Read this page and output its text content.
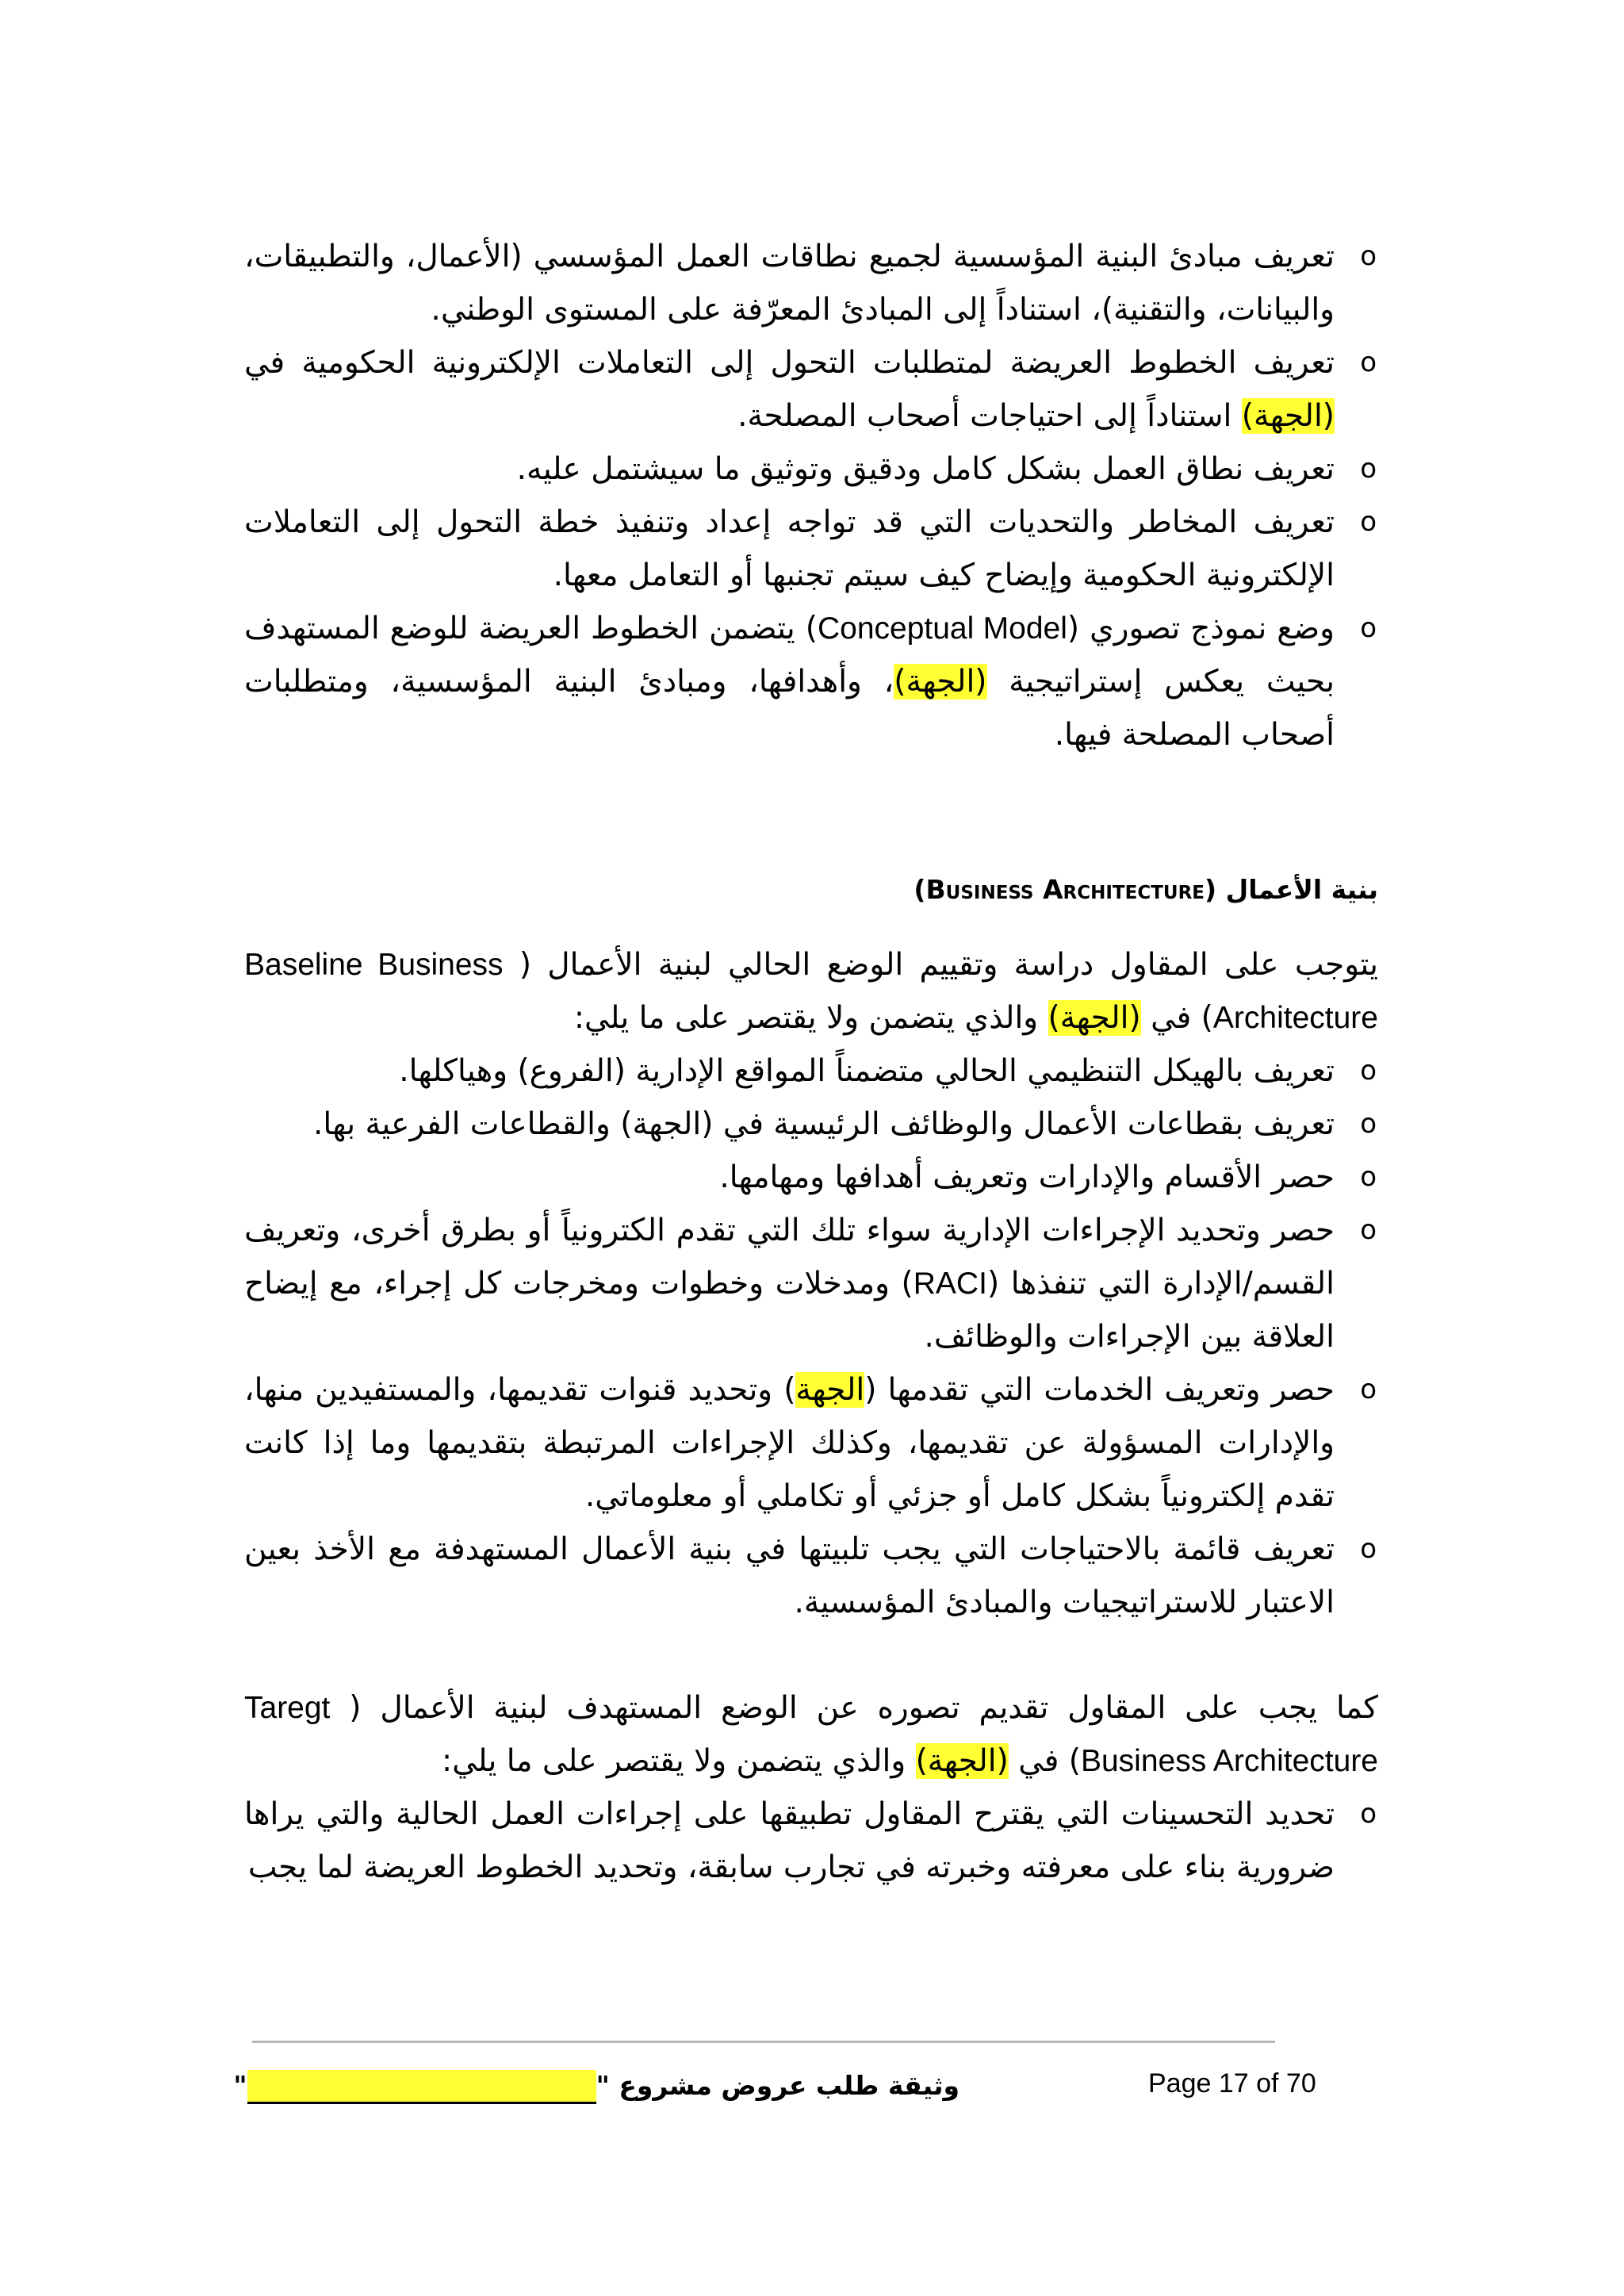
o تعريف مبادئ البنية المؤسسية لجميع نطاقات العمل المؤسسي (الأعمال، والتطبيقات، والبيانات، والتقنية)، استناداً إلى المبادئ المعرّفة على المستوى الوطني.
o تعريف الخطوط العريضة لمتطلبات التحول إلى التعاملات الإلكترونية الحكومية في (الجهة) استناداً إلى احتياجات أصحاب المصلحة.
o تعريف نطاق العمل بشكل كامل ودقيق وتوثيق ما سيشتمل عليه.
o تعريف المخاطر والتحديات التي قد تواجه إعداد وتنفيذ خطة التحول إلى التعاملات الإلكترونية الحكومية وإيضاح كيف سيتم تجنبها أو التعامل معها.
o وضع نموذج تصوري (Conceptual Model) يتضمن الخطوط العريضة للوضع المستهدف بحيث يعكس إستراتيجية (الجهة)، وأهدافها، ومبادئ البنية المؤسسية، ومتطلبات أصحاب المصلحة فيها.

بنية الأعمال (Business Architecture)

يتوجب على المقاول دراسة وتقييم الوضع الحالي لبنية الأعمال ( Baseline Business Architecture) في (الجهة) والذي يتضمن ولا يقتصر على ما يلي:

o تعريف بالهيكل التنظيمي الحالي متضمناً المواقع الإدارية (الفروع) وهياكلها.
o تعريف بقطاعات الأعمال والوظائف الرئيسية في (الجهة) والقطاعات الفرعية بها.
o حصر الأقسام والإدارات وتعريف أهدافها ومهامها.
o حصر وتحديد الإجراءات الإدارية سواء تلك التي تقدم الكترونياً أو بطرق أخرى، وتعريف القسم/الإدارة التي تنفذها (RACI) ومدخلات وخطوات ومخرجات كل إجراء، مع إيضاح العلاقة بين الإجراءات والوظائف.
o حصر وتعريف الخدمات التي تقدمها (الجهة) وتحديد قنوات تقديمها، والمستفيدين منها، والإدارات المسؤولة عن تقديمها، وكذلك الإجراءات المرتبطة بتقديمها وما إذا كانت تقدم إلكترونياً بشكل كامل أو جزئي أو تكاملي أو معلوماتي.
o تعريف قائمة بالاحتياجات التي يجب تلبيتها في بنية الأعمال المستهدفة مع الأخذ بعين الاعتبار للاستراتيجيات والمبادئ المؤسسية.

كما يجب على المقاول تقديم تصوره عن الوضع المستهدف لبنية الأعمال ( Taregt Business Architecture) في (الجهة) والذي يتضمن ولا يقتصر على ما يلي:

o تحديد التحسينات التي يقترح المقاول تطبيقها على إجراءات العمل الحالية والتي يراها ضرورية بناء على معرفته وخبرته في تجارب سابقة، وتحديد الخطوط العريضة لما يجب
وثيقة طلب عروض مشروع ""	Page 17 of 70
